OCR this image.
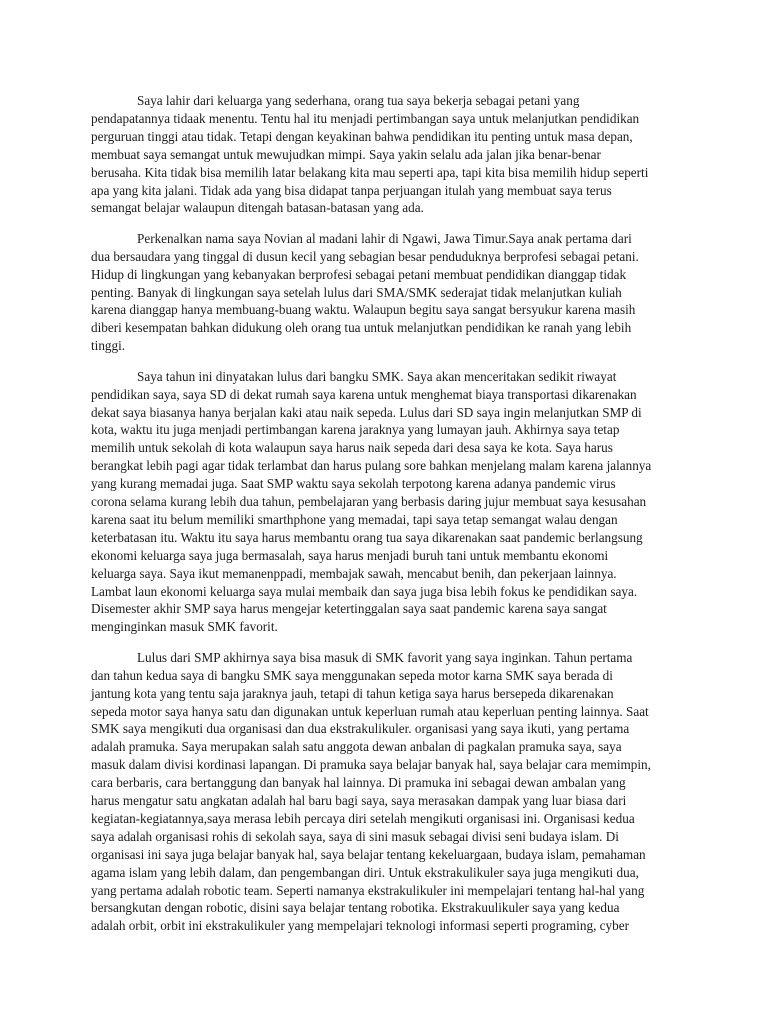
Saya lahir dari keluarga yang sederhana, orang tua saya bekerja sebagai petani yang
pendapatannya tidaak menentu. Tentu hal itu menjadi pertimbangan saya untuk melanjutkan pendidikan
perguruan tinggi atau tidak. Tetapi dengan keyakinan bahwa pendidikan itu penting untuk masa depan,
membuat saya semangat untuk mewujudkan mimpi. Saya yakin selalu ada jalan jika benar-benar
berusaha. Kita tidak bisa memilih latar belakang kita mau seperti apa, tapi kita bisa memilih hidup seperti
apa yang kita jalani. Tidak ada yang bisa didapat tanpa perjuangan itulah yang membuat saya terus
semangat belajar walaupun ditengah batasan-batasan yang ada.

Perkenalkan nama saya Novian al madani lahir di Ngawi, Jawa Timur.Saya anak pertama dari
dua bersaudara yang tinggal di dusun kecil yang sebagian besar penduduknya berprofesi sebagai petani.
Hidup di lingkungan yang kebanyakan berprofesi sebagai petani membuat pendidikan dianggap tidak
penting. Banyak di lingkungan saya setelah lulus dari SMA/SMK sederajat tidak melanjutkan kuliah
karena dianggap hanya membuang-buang waktu. Walaupun begitu saya sangat bersyukur karena masih
diberi kesempatan bahkan didukung oleh orang tua untuk melanjutkan pendidikan ke ranah yang lebih
tinggi.

Saya tahun ini dinyatakan lulus dari bangku SMK. Saya akan menceritakan sedikit riwayat
pendidikan saya, saya SD di dekat rumah saya karena untuk menghemat biaya transportasi dikarenakan
dekat saya biasanya hanya berjalan kaki atau naik sepeda. Lulus dari SD saya ingin melanjutkan SMP di
kota, waktu itu juga menjadi pertimbangan karena jaraknya yang lumayan jauh. Akhirnya saya tetap
memilih untuk sekolah di kota walaupun saya harus naik sepeda dari desa saya ke kota. Saya harus
berangkat lebih pagi agar tidak terlambat dan harus pulang sore bahkan menjelang malam karena jalannya
yang kurang memadai juga. Saat SMP waktu saya sekolah terpotong karena adanya pandemic virus
corona selama kurang lebih dua tahun, pembelajaran yang berbasis daring jujur membuat saya kesusahan
karena saat itu belum memiliki smarthphone yang memadai, tapi saya tetap semangat walau dengan
keterbatasan itu. Waktu itu saya harus membantu orang tua saya dikarenakan saat pandemic berlangsung
ekonomi keluarga saya juga bermasalah, saya harus menjadi buruh tani untuk membantu ekonomi
keluarga saya. Saya ikut memanenppadi, membajak sawah, mencabut benih, dan pekerjaan lainnya.
Lambat laun ekonomi keluarga saya mulai membaik dan saya juga bisa lebih fokus ke pendidikan saya.
Disemester akhir SMP saya harus mengejar ketertinggalan saya saat pandemic karena saya sangat
menginginkan masuk SMK favorit.

Lulus dari SMP akhirnya saya bisa masuk di SMK favorit yang saya inginkan. Tahun pertama
dan tahun kedua saya di bangku SMK saya menggunakan sepeda motor karna SMK saya berada di
jantung kota yang tentu saja jaraknya jauh, tetapi di tahun ketiga saya harus bersepeda dikarenakan
sepeda motor saya hanya satu dan digunakan untuk keperluan rumah atau keperluan penting lainnya. Saat
SMK saya mengikuti dua organisasi dan dua ekstrakulikuler. organisasi yang saya ikuti, yang pertama
adalah pramuka. Saya merupakan salah satu anggota dewan anbalan di pagkalan pramuka saya, saya
masuk dalam divisi kordinasi lapangan. Di pramuka saya belajar banyak hal, saya belajar cara memimpin,
cara berbaris, cara bertanggung dan banyak hal lainnya. Di pramuka ini sebagai dewan ambalan yang
harus mengatur satu angkatan adalah hal baru bagi saya, saya merasakan dampak yang luar biasa dari
kegiatan-kegiatannya,saya merasa lebih percaya diri setelah mengikuti organisasi ini. Organisasi kedua
saya adalah organisasi rohis di sekolah saya, saya di sini masuk sebagai divisi seni budaya islam. Di
organisasi ini saya juga belajar banyak hal, saya belajar tentang kekeluargaan, budaya islam, pemahaman
agama islam yang lebih dalam, dan pengembangan diri. Untuk ekstrakulikuler saya juga mengikuti dua,
yang pertama adalah robotic team. Seperti namanya ekstrakulikuler ini mempelajari tentang hal-hal yang
bersangkutan dengan robotic, disini saya belajar tentang robotika. Ekstrakuulikuler saya yang kedua
adalah orbit, orbit ini ekstrakulikuler yang mempelajari teknologi informasi seperti programing, cyber
